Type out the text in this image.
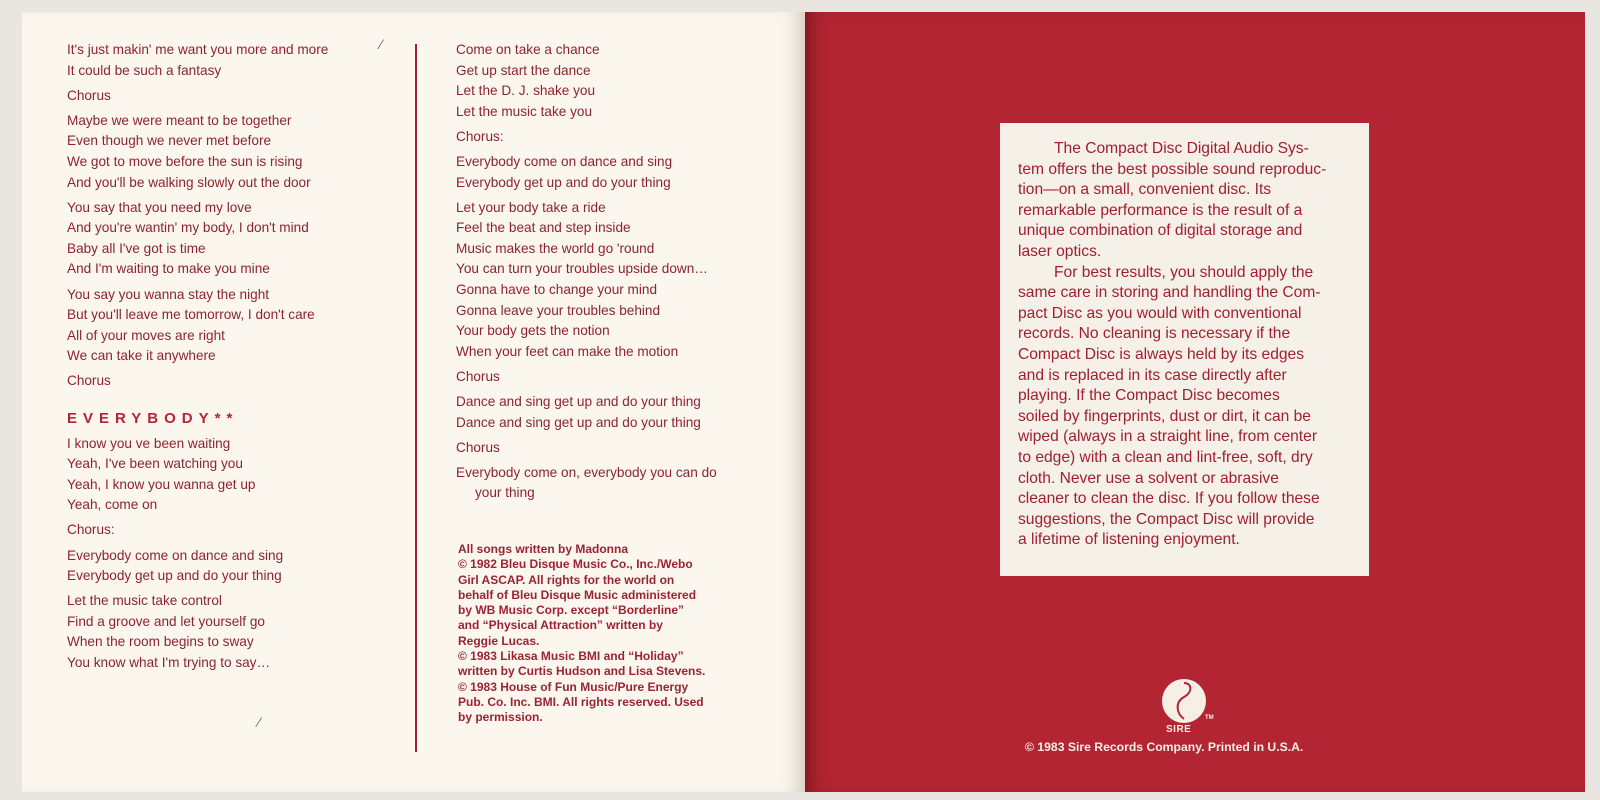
It's just makin' me want you more and more
It could be such a fantasy

Chorus

Maybe we were meant to be together
Even though we never met before
We got to move before the sun is rising
And you'll be walking slowly out the door

You say that you need my love
And you're wantin' my body, I don't mind
Baby all I've got is time
And I'm waiting to make you mine

You say you wanna stay the night
But you'll leave me tomorrow, I don't care
All of your moves are right
We can take it anywhere

Chorus

EVERYBODY**

I know you ve been waiting
Yeah, I've been watching you
Yeah, I know you wanna get up
Yeah, come on

Chorus:

Everybody come on dance and sing
Everybody get up and do your thing

Let the music take control
Find a groove and let yourself go
When the room begins to sway
You know what I'm trying to say…

Come on take a chance
Get up start the dance
Let the D. J. shake you
Let the music take you

Chorus:

Everybody come on dance and sing
Everybody get up and do your thing

Let your body take a ride
Feel the beat and step inside
Music makes the world go 'round
You can turn your troubles upside down…
Gonna have to change your mind
Gonna leave your troubles behind
Your body gets the notion
When your feet can make the motion

Chorus

Dance and sing get up and do your thing
Dance and sing get up and do your thing

Chorus

Everybody come on, everybody you can do
your thing

All songs written by Madonna
© 1982 Bleu Disque Music Co., Inc./Webo
Girl ASCAP. All rights for the world on
behalf of Bleu Disque Music administered
by WB Music Corp. except “Borderline”
and “Physical Attraction” written by
Reggie Lucas.
© 1983 Likasa Music BMI and “Holiday”
written by Curtis Hudson and Lisa Stevens.
© 1983 House of Fun Music/Pure Energy
Pub. Co. Inc. BMI. All rights reserved. Used
by permission.
The Compact Disc Digital Audio Sys-
tem offers the best possible sound reproduc-
tion—on a small, convenient disc. Its
remarkable performance is the result of a
unique combination of digital storage and
laser optics.
For best results, you should apply the
same care in storing and handling the Com-
pact Disc as you would with conventional
records. No cleaning is necessary if the
Compact Disc is always held by its edges
and is replaced in its case directly after
playing. If the Compact Disc becomes
soiled by fingerprints, dust or dirt, it can be
wiped (always in a straight line, from center
to edge) with a clean and lint-free, soft, dry
cloth. Never use a solvent or abrasive
cleaner to clean the disc. If you follow these
suggestions, the Compact Disc will provide
a lifetime of listening enjoyment.
SIRE
TM
© 1983 Sire Records Company. Printed in U.S.A.
⁄
⁄
